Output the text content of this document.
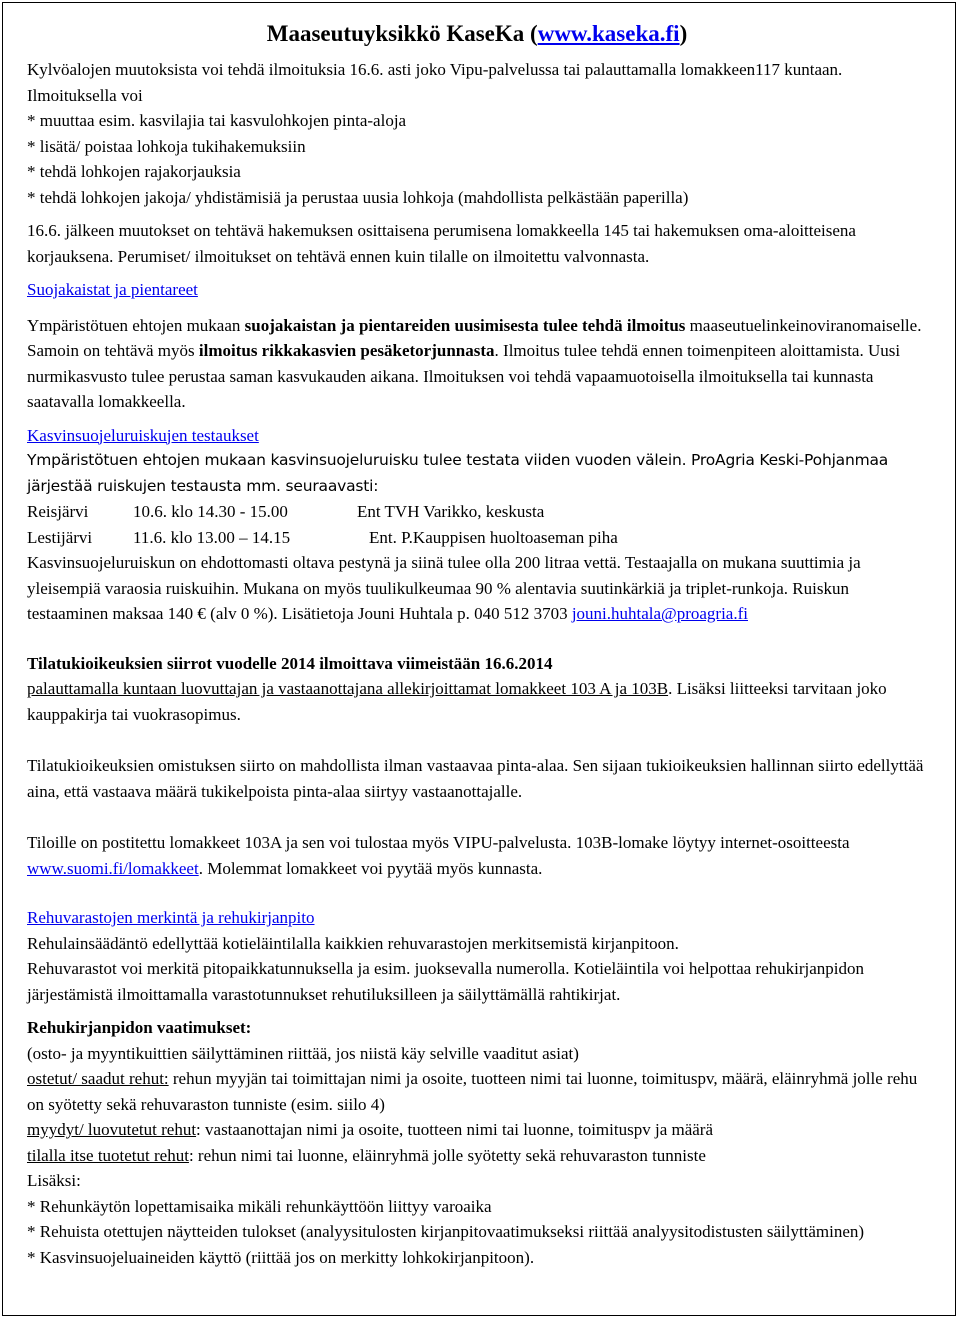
Maaseutuyksikkö KaseKa (www.kaseka.fi)

Kylvöalojen muutoksista voi tehdä ilmoituksia 16.6. asti joko Vipu-palvelussa tai palauttamalla lomakkeen117 kuntaan. Ilmoituksella voi

* muuttaa esim. kasvilajia tai kasvulohkojen pinta-aloja

* lisätä/ poistaa lohkoja tukihakemuksiin

* tehdä lohkojen rajakorjauksia

* tehdä lohkojen jakoja/ yhdistämisiä ja perustaa uusia lohkoja (mahdollista pelkästään paperilla)

16.6. jälkeen muutokset on tehtävä hakemuksen osittaisena perumisena lomakkeella 145 tai hakemuksen oma-aloitteisena korjauksena. Perumiset/ ilmoitukset on tehtävä ennen kuin tilalle on ilmoitettu valvonnasta.

Suojakaistat ja pientareet

Ympäristötuen ehtojen mukaan suojakaistan ja pientareiden uusimisesta tulee tehdä ilmoitus maaseutuelinkeinoviranomaiselle. Samoin on tehtävä myös ilmoitus rikkakasvien pesäketorjunnasta. Ilmoitus tulee tehdä ennen toimenpiteen aloittamista. Uusi nurmikasvusto tulee perustaa saman kasvukauden aikana. Ilmoituksen voi tehdä vapaamuotoisella ilmoituksella tai kunnasta saatavalla lomakkeella.

Kasvinsuojeluruiskujen testaukset

Ympäristötuen ehtojen mukaan kasvinsuojeluruisku tulee testata viiden vuoden välein. ProAgria Keski-Pohjanmaa järjestää ruiskujen testausta mm. seuraavasti:

Reisjärvi	10.6. klo 14.30 - 15.00	Ent TVH Varikko, keskusta
Lestijärvi	11.6. klo 13.00 – 14.15	Ent. P.Kauppisen huoltoaseman piha

Kasvinsuojeluruiskun on ehdottomasti oltava pestynä ja siinä tulee olla 200 litraa vettä. Testaajalla on mukana suuttimia ja yleisempiä varaosia ruiskuihin. Mukana on myös tuulikulkeumaa 90 % alentavia suutinkärkiä ja triplet-runkoja. Ruiskun testaaminen maksaa 140 € (alv 0 %). Lisätietoja Jouni Huhtala p. 040 512 3703 jouni.huhtala@proagria.fi

Tilatukioikeuksien siirrot vuodelle 2014 ilmoittava viimeistään 16.6.2014

palauttamalla kuntaan luovuttajan ja vastaanottajana allekirjoittamat lomakkeet 103 A ja 103B. Lisäksi liitteeksi tarvitaan joko kauppakirja tai vuokrasopimus.

Tilatukioikeuksien omistuksen siirto on mahdollista ilman vastaavaa pinta-alaa. Sen sijaan tukioikeuksien hallinnan siirto edellyttää aina, että vastaava määrä tukikelpoista pinta-alaa siirtyy vastaanottajalle.

Tiloille on postitettu lomakkeet 103A ja sen voi tulostaa myös VIPU-palvelusta. 103B-lomake löytyy internet-osoitteesta www.suomi.fi/lomakkeet. Molemmat lomakkeet voi pyytää myös kunnasta.

Rehuvarastojen merkintä ja rehukirjanpito

Rehulainsäädäntö edellyttää kotieläintilalla kaikkien rehuvarastojen merkitsemistä kirjanpitoon.

Rehuvarastot voi merkitä pitopaikkatunnuksella ja esim. juoksevalla numerolla. Kotieläintila voi helpottaa rehukirjanpidon järjestämistä ilmoittamalla varastotunnukset rehutiluksilleen ja säilyttämällä rahtikirjat.

Rehukirjanpidon vaatimukset:

(osto- ja myyntikuittien säilyttäminen riittää, jos niistä käy selville vaaditut asiat)

ostetut/ saadut rehut: rehun myyjän tai toimittajan nimi ja osoite, tuotteen nimi tai luonne, toimituspv, määrä, eläinryhmä jolle rehu on syötetty sekä rehuvaraston tunniste (esim. siilo 4)

myydyt/ luovutetut rehut: vastaanottajan nimi ja osoite, tuotteen nimi tai luonne, toimituspv ja määrä

tilalla itse tuotetut rehut: rehun nimi tai luonne, eläinryhmä jolle syötetty sekä rehuvaraston tunniste

Lisäksi:

* Rehunkäytön lopettamisaika mikäli rehunkäyttöön liittyy varoaika

* Rehuista otettujen näytteiden tulokset (analyysitulosten kirjanpitovaatimukseksi riittää analyysitodistusten säilyttäminen)

* Kasvinsuojeluaineiden käyttö (riittää jos on merkitty lohkokirjanpitoon).
